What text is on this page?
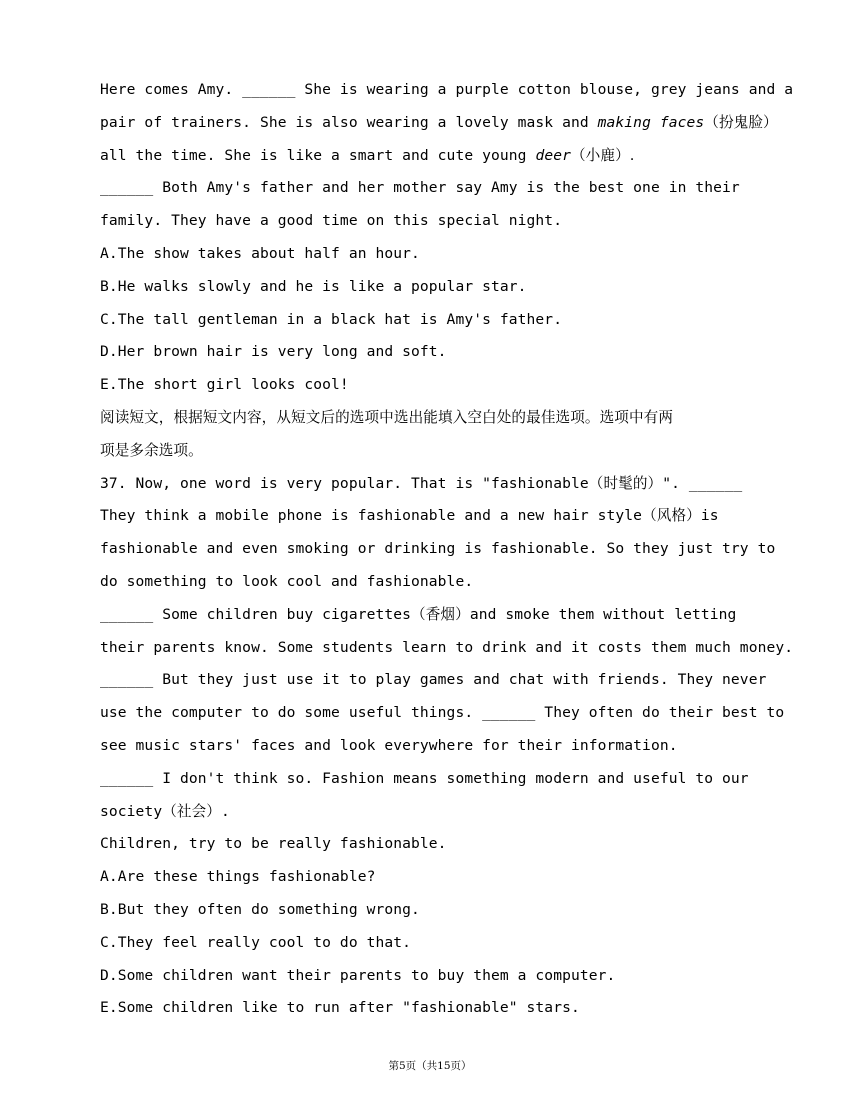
Here comes Amy. ______ She is wearing a purple cotton blouse, grey jeans and a
pair of trainers. She is also wearing a lovely mask and making faces（扮鬼脸）
all the time. She is like a smart and cute young deer（小鹿）.
______ Both Amy's father and her mother say Amy is the best one in their
family. They have a good time on this special night.
A.The show takes about half an hour.
B.He walks slowly and he is like a popular star.
C.The tall gentleman in a black hat is Amy's father.
D.Her brown hair is very long and soft.
E.The short girl looks cool!
阅读短文，根据短文内容，从短文后的选项中选出能填入空白处的最佳选项。选项中有两
项是多余选项。
37. Now, one word is very popular. That is "fashionable（时髦的）". ______
They think a mobile phone is fashionable and a new hair style（风格）is
fashionable and even smoking or drinking is fashionable. So they just try to
do something to look cool and fashionable.
______ Some children buy cigarettes（香烟）and smoke them without letting
their parents know. Some students learn to drink and it costs them much money.
______ But they just use it to play games and chat with friends. They never
use the computer to do some useful things. ______ They often do their best to
see music stars' faces and look everywhere for their information.
______ I don't think so. Fashion means something modern and useful to our
society（社会）.
Children, try to be really fashionable.
A.Are these things fashionable?
B.But they often do something wrong.
C.They feel really cool to do that.
D.Some children want their parents to buy them a computer.
E.Some children like to run after "fashionable" stars.
第5页（共15页）
